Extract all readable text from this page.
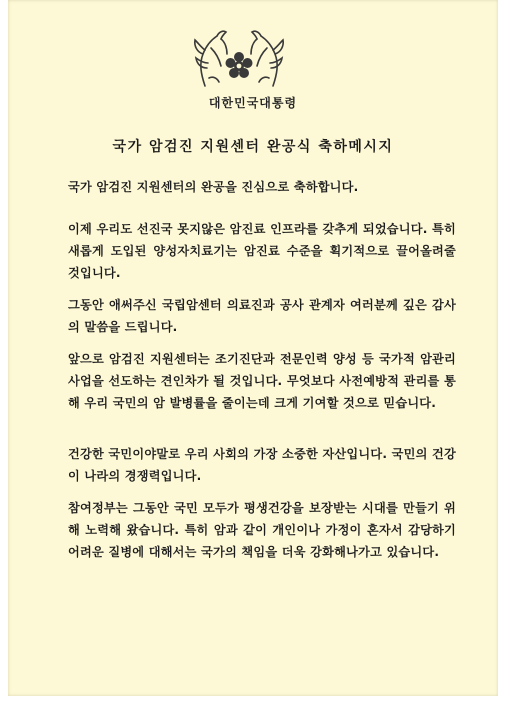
대한민국대통령
국가 암검진 지원센터 완공식 축하메시지
국가 암검진 지원센터의 완공을 진심으로 축하합니다.
이제 우리도 선진국 못지않은 암진료 인프라를 갖추게 되었습니다. 특히 새롭게 도입된 양성자치료기는 암진료 수준을 획기적으로 끌어올려줄 것입니다.
그동안 애써주신 국립암센터 의료진과 공사 관계자 여러분께 깊은 감사의 말씀을 드립니다.
앞으로 암검진 지원센터는 조기진단과 전문인력 양성 등 국가적 암관리 사업을 선도하는 견인차가 될 것입니다. 무엇보다 사전예방적 관리를 통해 우리 국민의 암 발병률을 줄이는데 크게 기여할 것으로 믿습니다.
건강한 국민이야말로 우리 사회의 가장 소중한 자산입니다. 국민의 건강이 나라의 경쟁력입니다.
참여정부는 그동안 국민 모두가 평생건강을 보장받는 시대를 만들기 위해 노력해 왔습니다. 특히 암과 같이 개인이나 가정이 혼자서 감당하기 어려운 질병에 대해서는 국가의 책임을 더욱 강화해나가고 있습니다.
